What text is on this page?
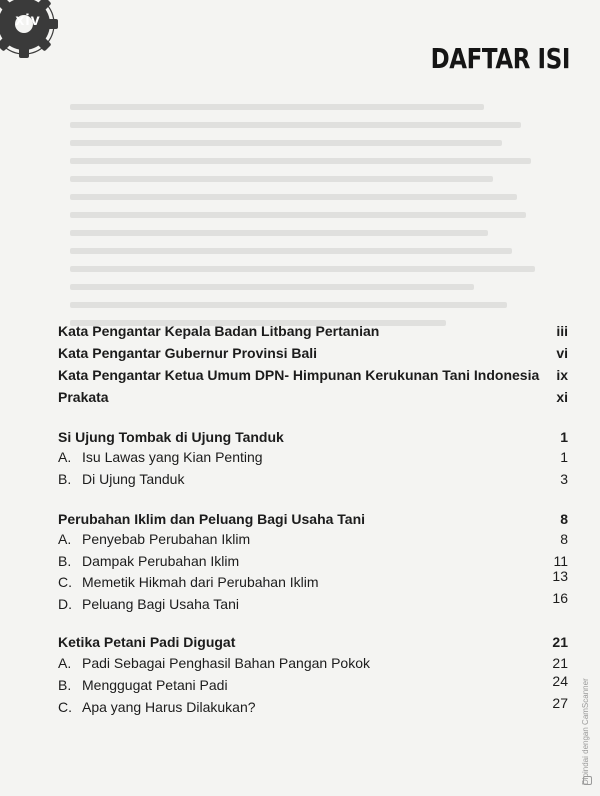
xiv
DAFTAR ISI
Kata Pengantar Kepala Badan Litbang Pertanian	iii
Kata Pengantar Gubernur Provinsi Bali	vi
Kata Pengantar Ketua Umum DPN- Himpunan Kerukunan Tani Indonesia ix
Prakata	xi
Si Ujung Tombak di Ujung Tanduk	1
A. Isu Lawas yang Kian Penting	1
B. Di Ujung Tanduk	3
Perubahan Iklim dan Peluang Bagi Usaha Tani	8
A. Penyebab Perubahan Iklim	8
B. Dampak Perubahan Iklim	11
C. Memetik Hikmah dari Perubahan Iklim	13
D. Peluang Bagi Usaha Tani	16
Ketika Petani Padi Digugat	21
A. Padi Sebagai Penghasil Bahan Pangan Pokok	21
B. Menggugat Petani Padi	24
C. Apa yang Harus Dilakukan?	27 Dipindai dengan CamScanner
